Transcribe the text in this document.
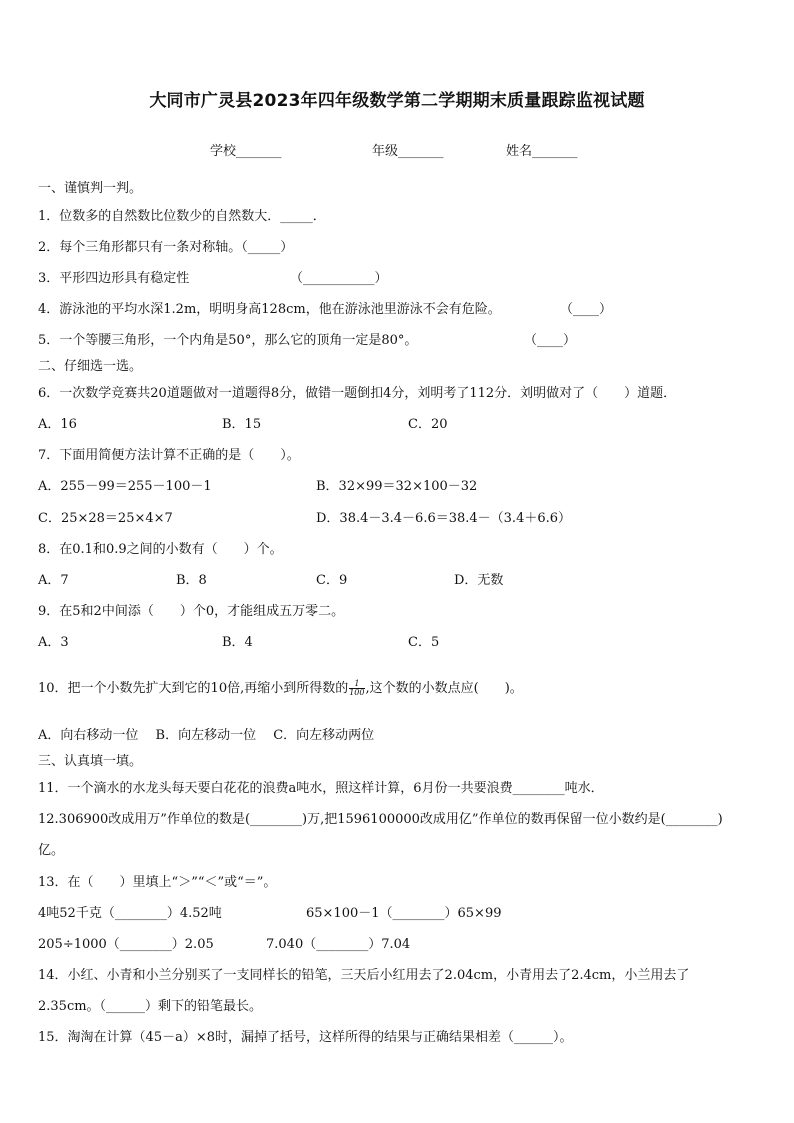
大同市广灵县2023年四年级数学第二学期期末质量跟踪监视试题
学校_______	年级_______	姓名_______
一、谨慎判一判。
1．位数多的自然数比位数少的自然数大．_____．
2．每个三角形都只有一条对称轴。（_____）
3．平形四边形具有稳定性	（___________）
4．游泳池的平均水深1.2m，明明身高128cm，他在游泳池里游泳不会有危险。	（____）
5．一个等腰三角形，一个内角是50°，那么它的顶角一定是80°。	（____）
二、仔细选一选。
6．一次数学竞赛共20道题做对一道题得8分，做错一题倒扣4分，刘明考了112分．刘明做对了（　　）道题．
A．16	B．15	C．20
7．下面用简便方法计算不正确的是（　　）。
A．255－99＝255－100－1	B．32×99＝32×100－32
C．25×28＝25×4×7	D．38.4－3.4－6.6＝38.4－（3.4＋6.6）
8．在0.1和0.9之间的小数有（　　）个。
A．7	B．8	C．9	D．无数
9．在5和2中间添（　　）个0，才能组成五万零二。
A．3	B．4	C．5
10．把一个小数先扩大到它的10倍,再缩小到所得数的 $\frac{1}{100}$ ,这个数的小数点应(　　)。
A．向右移动一位　 B．向左移动一位　 C．向左移动两位
三、认真填一填。
11．一个滴水的水龙头每天要白花花的浪费a吨水，照这样计算，6月份一共要浪费________吨水．
12.306900改成用万”作单位的数是(________)万,把1596100000改成用亿”作单位的数再保留一位小数约是(________)
亿。
13．在（　　）里填上“＞”“＜”或“＝”。
4吨52千克（________）4.52吨	65×100－1（________）65×99
205÷1000（________）2.05	7.040（________）7.04
14．小红、小青和小兰分别买了一支同样长的铅笔，三天后小红用去了2.04cm，小青用去了2.4cm，小兰用去了
2.35cm。（______）剩下的铅笔最长。
15．淘淘在计算（45－a）×8时，漏掉了括号，这样所得的结果与正确结果相差（______）。
